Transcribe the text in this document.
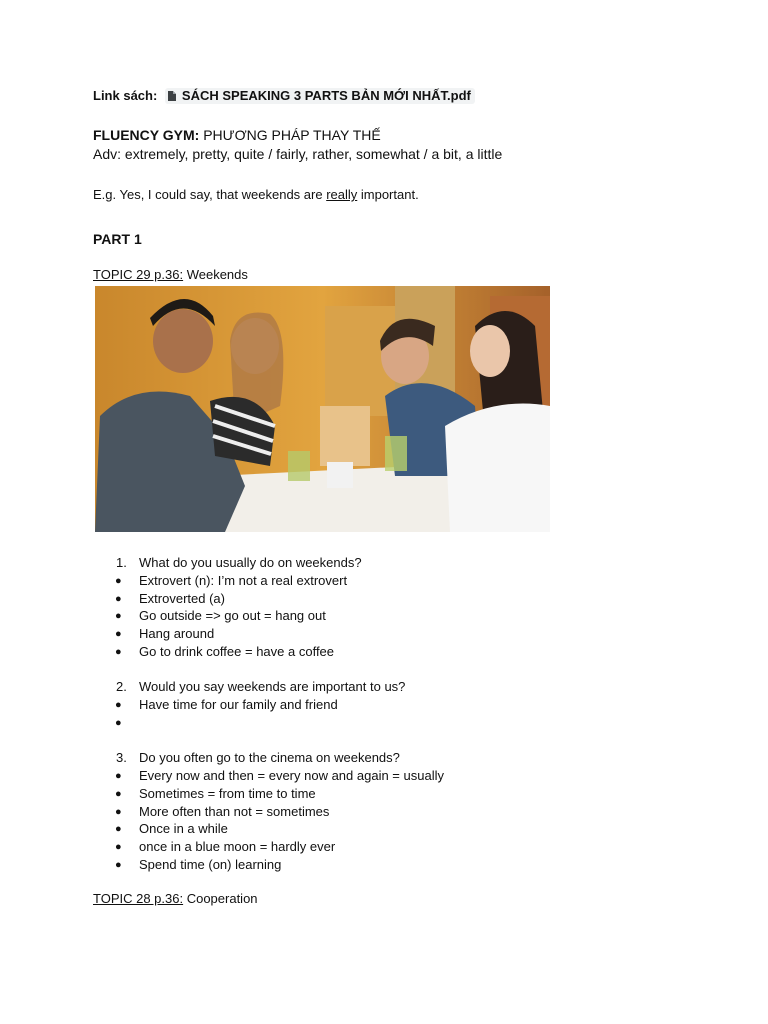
Link sách: SÁCH SPEAKING 3 PARTS BẢN MỚI NHẤT.pdf
FLUENCY GYM: PHƯƠNG PHÁP THAY THẾ
Adv: extremely, pretty, quite / fairly, rather, somewhat / a bit, a little
E.g. Yes, I could say, that weekends are really important.
PART 1
TOPIC 29 p.36: Weekends
1. What do you usually do on weekends?
● Extrovert (n): I’m not a real extrovert
● Extroverted (a)
● Go outside => go out = hang out
● Hang around
● Go to drink coffee = have a coffee
2. Would you say weekends are important to us?
● Have time for our family and friend
●
3. Do you often go to the cinema on weekends?
● Every now and then = every now and again = usually
● Sometimes = from time to time
● More often than not = sometimes
● Once in a while
● once in a blue moon = hardly ever
● Spend time (on) learning
TOPIC 28 p.36: Cooperation
